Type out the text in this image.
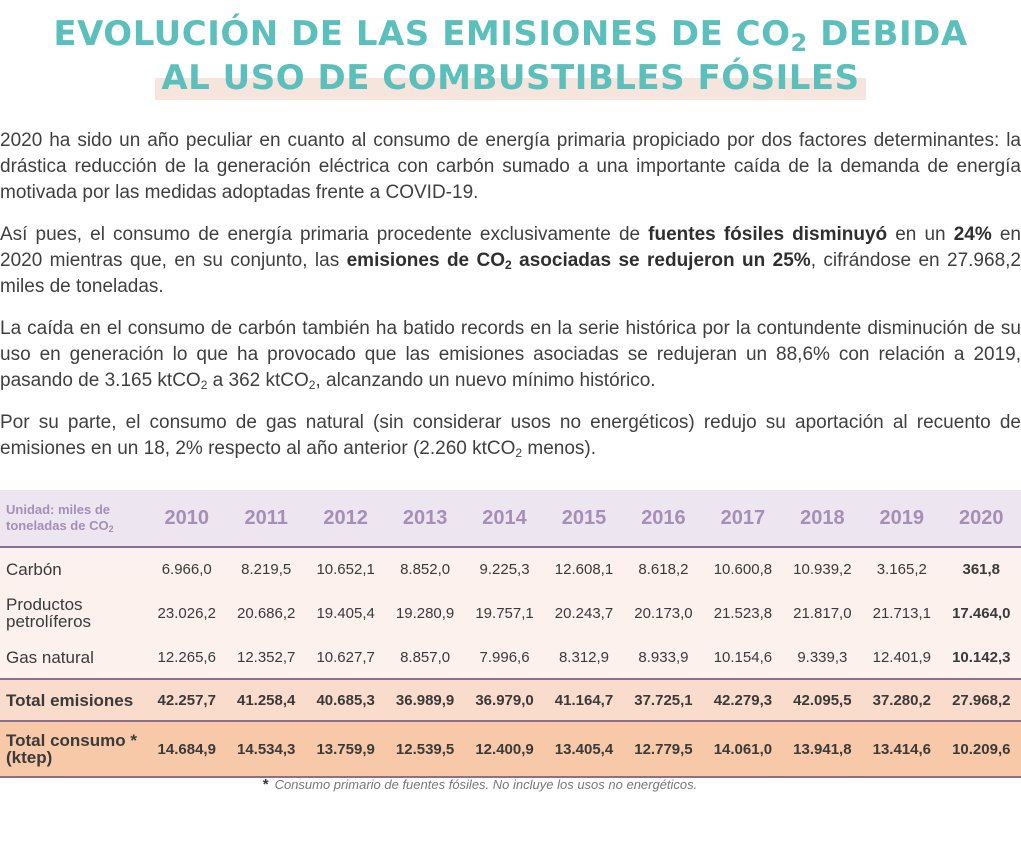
EVOLUCIÓN DE LAS EMISIONES DE $CO_2$ DEBIDA
AL USO DE COMBUSTIBLES FÓSILES

2020 ha sido un año peculiar en cuanto al consumo de energía primaria propiciado por dos factores determinantes: la drástica reducción de la generación eléctrica con carbón sumado a una importante caída de la demanda de energía motivada por las medidas adoptadas frente a COVID-19.

Así pues, el consumo de energía primaria procedente exclusivamente de fuentes fósiles disminuyó en un 24% en 2020 mientras que, en su conjunto, las emisiones de $CO_2$ asociadas se redujeron un 25%, cifrándose en 27.968,2 miles de toneladas.

La caída en el consumo de carbón también ha batido records en la serie histórica por la contundente disminución de su uso en generación lo que ha provocado que las emisiones asociadas se redujeran un 88,6% con relación a 2019, pasando de 3.165 ktCO$_2$ a 362 ktCO$_2$, alcanzando un nuevo mínimo histórico.

Por su parte, el consumo de gas natural (sin considerar usos no energéticos) redujo su aportación al recuento de emisiones en un 18, 2% respecto al año anterior (2.260 ktCO$_2$ menos).

Unidad: miles de toneladas de $CO_2$	2010	2011	2012	2013	2014	2015	2016	2017	2018	2019	2020
Carbón	6.966,0	8.219,5	10.652,1	8.852,0	9.225,3	12.608,1	8.618,2	10.600,8	10.939,2	3.165,2	361,8
Productos petrolíferos	23.026,2	20.686,2	19.405,4	19.280,9	19.757,1	20.243,7	20.173,0	21.523,8	21.817,0	21.713,1	17.464,0
Gas natural	12.265,6	12.352,7	10.627,7	8.857,0	7.996,6	8.312,9	8.933,9	10.154,6	9.339,3	12.401,9	10.142,3
Total emisiones	42.257,7	41.258,4	40.685,3	36.989,9	36.979,0	41.164,7	37.725,1	42.279,3	42.095,5	37.280,2	27.968,2
Total consumo * (ktep)	14.684,9	14.534,3	13.759,9	12.539,5	12.400,9	13.405,4	12.779,5	14.061,0	13.941,8	13.414,6	10.209,6
* Consumo primario de fuentes fósiles. No incluye los usos no energéticos.
